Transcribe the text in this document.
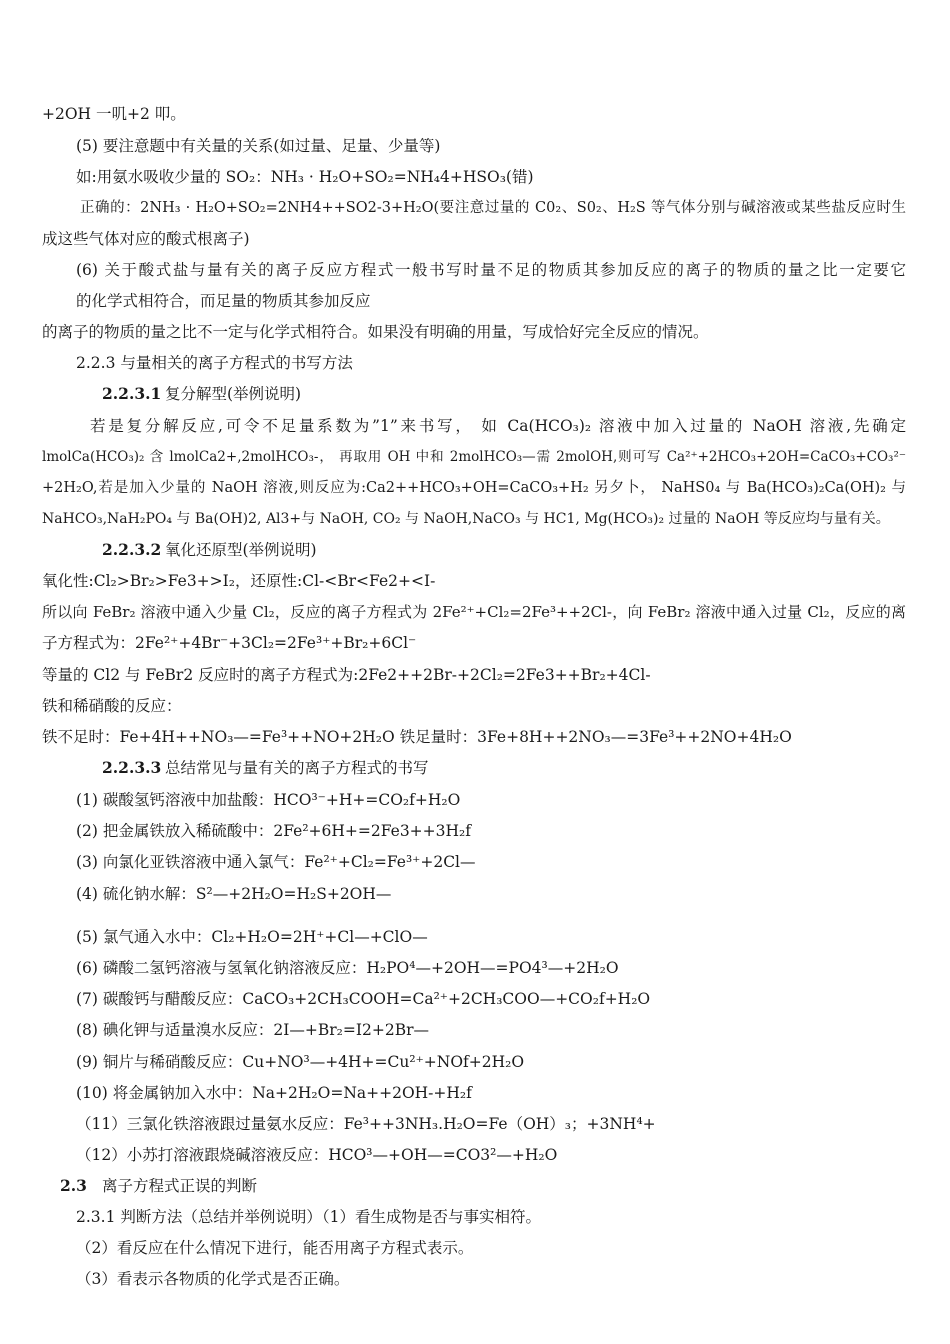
+2OH 一叽+2 叩。
(5) 要注意题中有关量的关系(如过量、足量、少量等)
如:用氨水吸收少量的 SO₂：NH₃ · H₂O+SO₂=NH₄4+HSO₃(错)
正确的：2NH₃ · H₂O+SO₂=2NH4++SO2-3+H₂O(要注意过量的 C0₂、S0₂、H₂S 等气体分别与碱溶液或某些盐反应时生
成这些气体对应的酸式根离子)
(6) 关于酸式盐与量有关的离子反应方程式一般书写时量不足的物质其参加反应的离子的物质的量之比一定要它
的化学式相符合，而足量的物质其参加反应
的离子的物质的量之比不一定与化学式相符合。如果没有明确的用量，写成恰好完全反应的情况。
2.2.3 与量相关的离子方程式的书写方法
2.2.3.1 复分解型(举例说明)
若是复分解反应,可令不足量系数为”1”来书写， 如 Ca(HCO₃)₂ 溶液中加入过量的 NaOH 溶液,先确定
lmolCa(HCO₃)₂ 含 lmolCa2+,2molHCO₃-， 再取用 OH 中和 2molHCO₃—需 2molOH,则可写 Ca²⁺+2HCO₃+2OH=CaCO₃+CO₃²⁻
+2H₂O,若是加入少量的 NaOH 溶液,则反应为:Ca2++HCO₃+OH=CaCO₃+H₂ 另夕卜， NaHS0₄ 与 Ba(HCO₃)₂Ca(OH)₂ 与
NaHCO₃,NaH₂PO₄ 与 Ba(OH)2, Al3+与 NaOH, CO₂ 与 NaOH,NaCO₃ 与 HC1, Mg(HCO₃)₂ 过量的 NaOH 等反应均与量有关。
2.2.3.2 氧化还原型(举例说明)
氧化性:Cl₂>Br₂>Fe3+>I₂，还原性:Cl-<Br<Fe2+<I-
所以向 FeBr₂ 溶液中通入少量 Cl₂，反应的离子方程式为 2Fe²⁺+Cl₂=2Fe³++2Cl-，向 FeBr₂ 溶液中通入过量 Cl₂，反应的离
子方程式为：2Fe²⁺+4Br⁻+3Cl₂=2Fe³⁺+Br₂+6Cl⁻
等量的 Cl2 与 FeBr2 反应时的离子方程式为:2Fe2++2Br-+2Cl₂=2Fe3++Br₂+4Cl-
铁和稀硝酸的反应：
铁不足时：Fe+4H++NO₃—=Fe³++NO+2H₂O 铁足量时：3Fe+8H++2NO₃—=3Fe³++2NO+4H₂O
2.2.3.3 总结常见与量有关的离子方程式的书写
(1) 碳酸氢钙溶液中加盐酸：HCO³⁻+H+=CO₂f+H₂O
(2) 把金属铁放入稀硫酸中：2Fe²+6H+=2Fe3++3H₂f
(3) 向氯化亚铁溶液中通入氯气：Fe²⁺+Cl₂=Fe³⁺+2Cl—
(4) 硫化钠水解：S²—+2H₂O=H₂S+2OH—
(5) 氯气通入水中：Cl₂+H₂O=2H⁺+Cl—+ClO—
(6) 磷酸二氢钙溶液与氢氧化钠溶液反应：H₂PO⁴—+2OH—=PO4³—+2H₂O
(7) 碳酸钙与醋酸反应：CaCO₃+2CH₃COOH=Ca²⁺+2CH₃COO—+CO₂f+H₂O
(8) 碘化钾与适量溴水反应：2I—+Br₂=I2+2Br—
(9) 铜片与稀硝酸反应：Cu+NO³—+4H+=Cu²⁺+NOf+2H₂O
(10) 将金属钠加入水中：Na+2H₂O=Na++2OH-+H₂f
（11）三氯化铁溶液跟过量氨水反应：Fe³++3NH₃.H₂O=Fe（OH）₃；+3NH⁴+
（12）小苏打溶液跟烧碱溶液反应：HCO³—+OH—=CO3²—+H₂O
2.3 离子方程式正误的判断
2.3.1 判断方法（总结并举例说明）（1）看生成物是否与事实相符。
（2）看反应在什么情况下进行，能否用离子方程式表示。
（3）看表示各物质的化学式是否正确。
